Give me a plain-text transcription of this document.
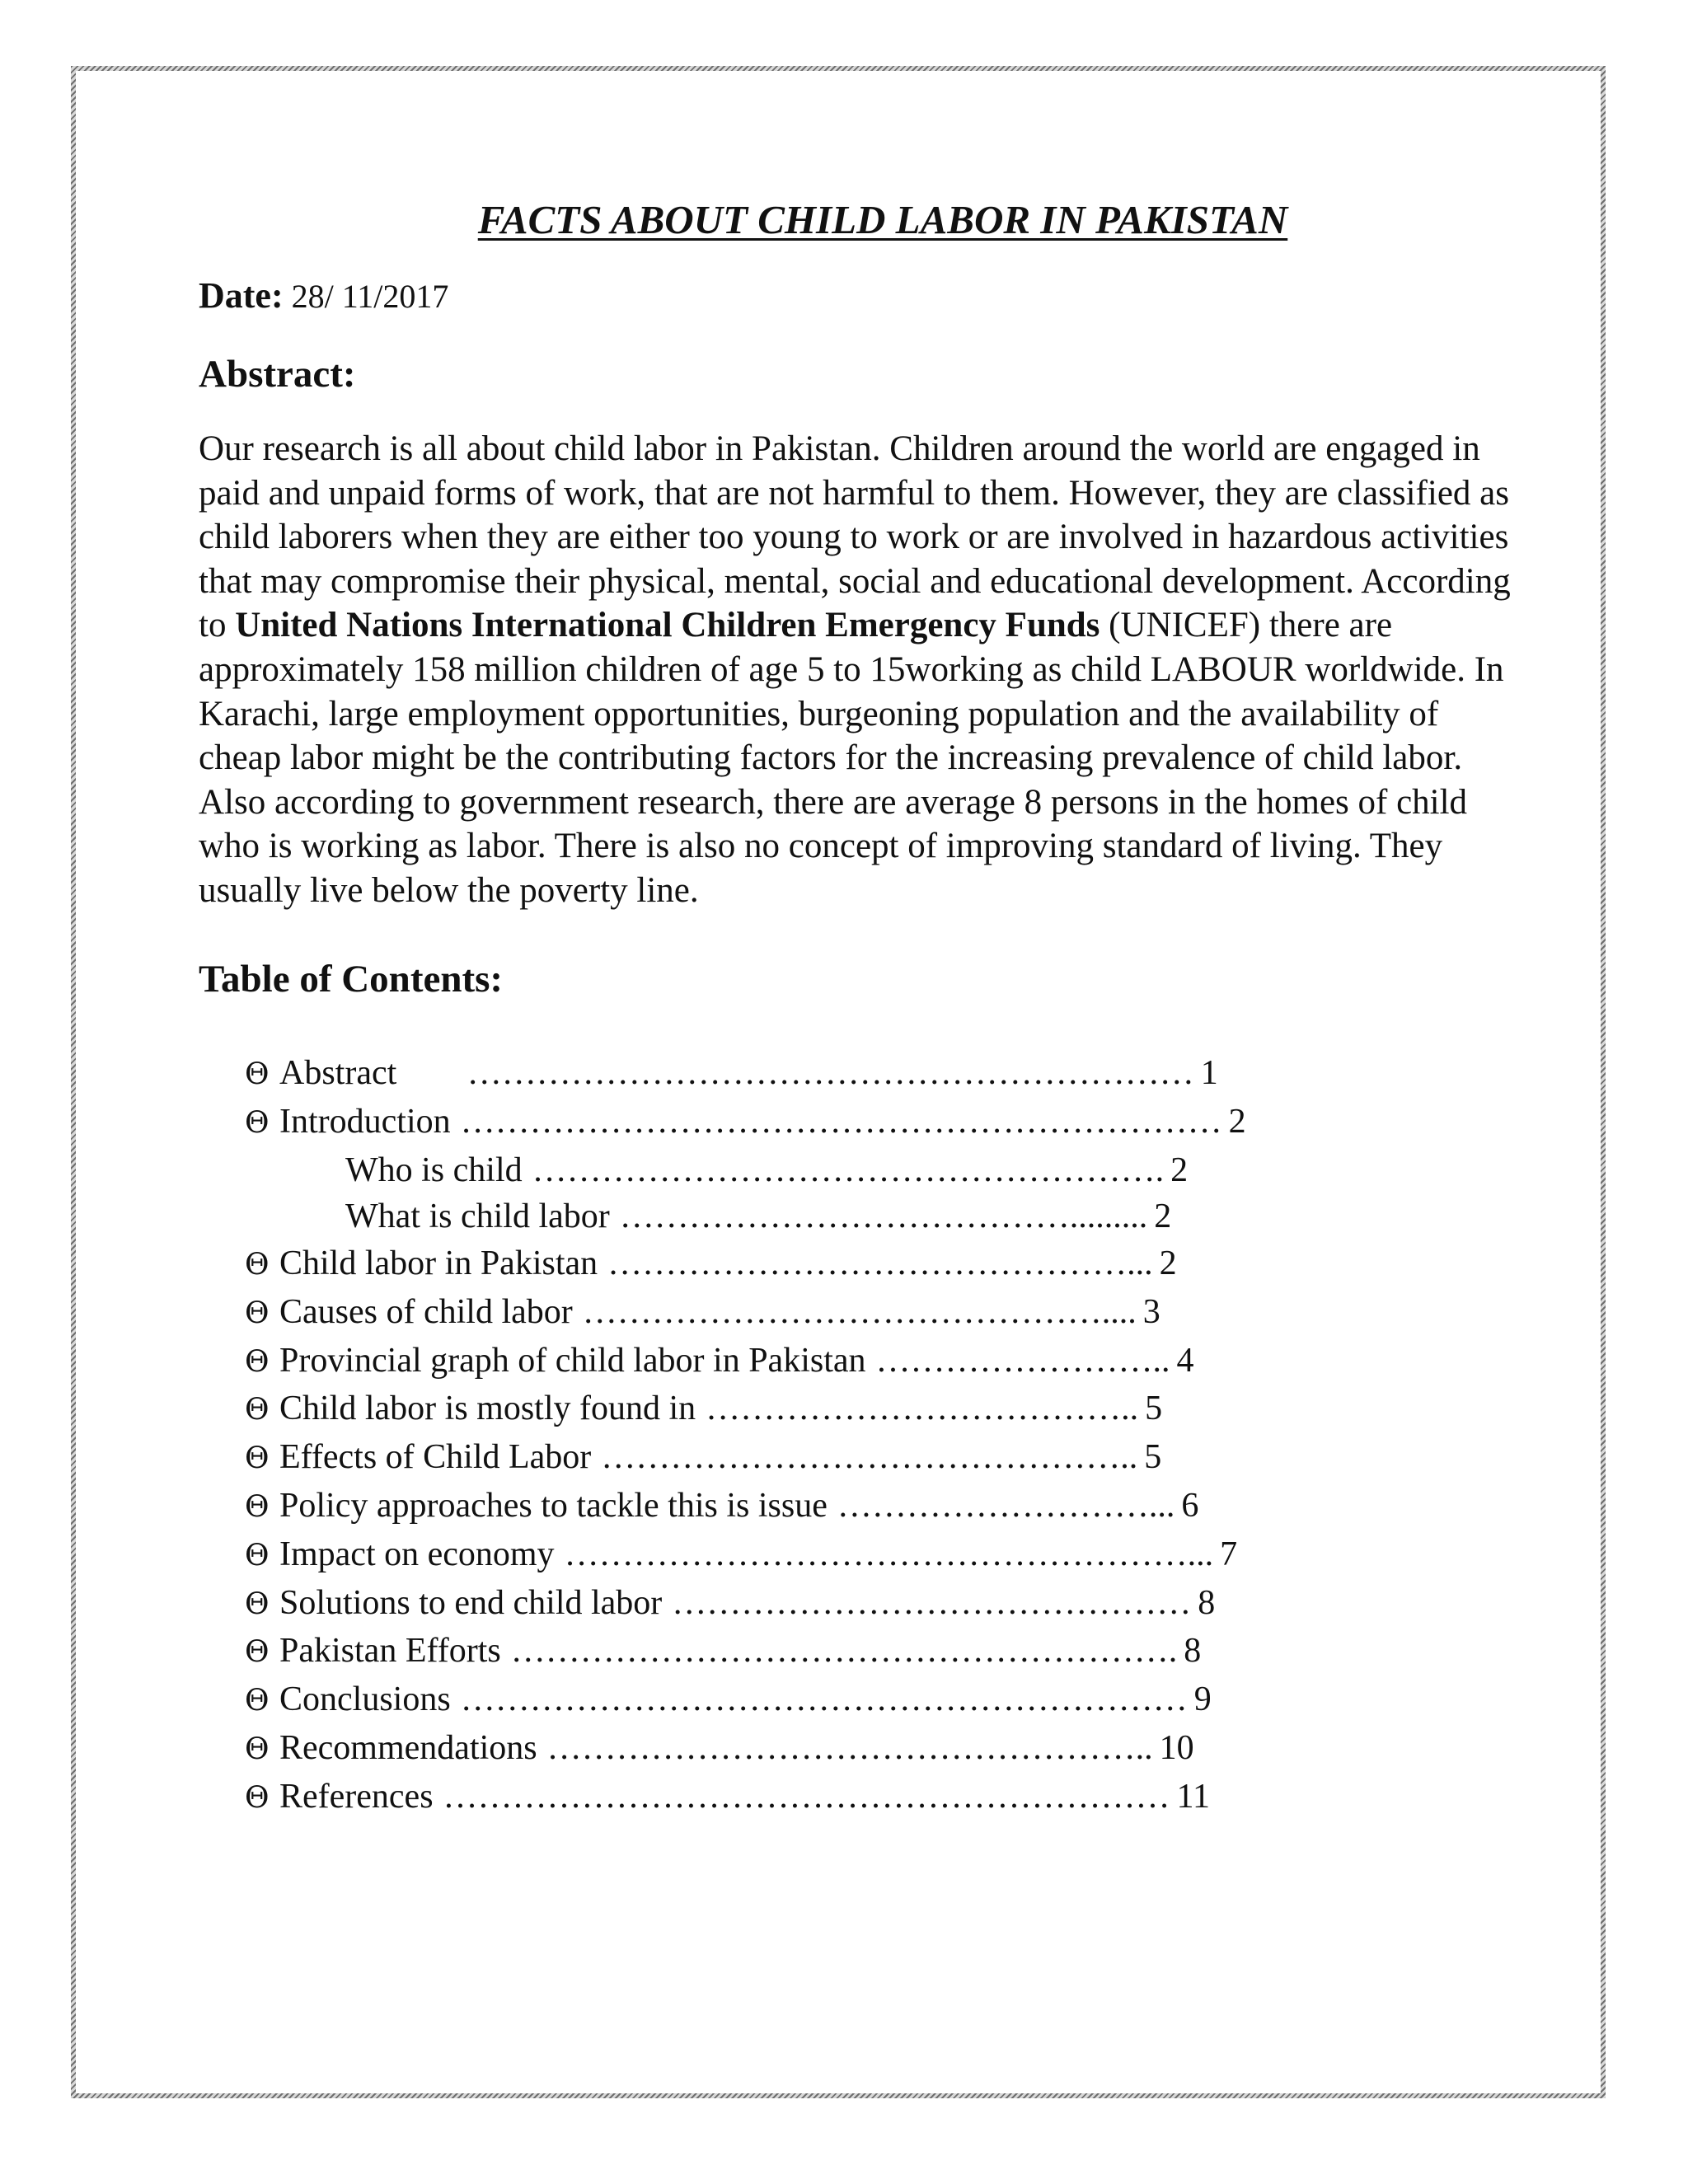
FACTS ABOUT CHILD LABOR IN PAKISTAN
Date: 28/ 11/2017
Abstract:
Our research is all about child labor in Pakistan. Children around the world are engaged in paid and unpaid forms of work, that are not harmful to them. However, they are classified as child laborers when they are either too young to work or are involved in hazardous activities that may compromise their physical, mental, social and educational development. According to United Nations International Children Emergency Funds (UNICEF) there are approximately 158 million children of age 5 to 15working as child LABOUR worldwide. In Karachi, large employment opportunities, burgeoning population and the availability of cheap labor might be the contributing factors for the increasing prevalence of child labor. Also according to government research, there are average 8 persons in the homes of child who is working as labor. There is also no concept of improving standard of living. They usually live below the poverty line.
Table of Contents:
Θ Abstract ……………………………………………………… 1
Θ Introduction ………………………………………………………… 2
Who is child ………………………………………………. 2
What is child labor …………………………………......... 2
Θ Child labor in Pakistan ………………………………………... 2
Θ Causes of child labor ……………………………………….... 3
Θ Provincial graph of child labor in Pakistan …………………….. 4
Θ Child labor is mostly found in ……………………………….. 5
Θ Effects of Child Labor ……………………………………….. 5
Θ Policy approaches to tackle this is issue ………………………... 6
Θ Impact on economy ………………………………………………... 7
Θ Solutions to end child labor ……………………………………… 8
Θ Pakistan Efforts …………………………………………………. 8
Θ Conclusions ……………………………………………………… 9
Θ Recommendations …………………………………………….. 10
Θ References ……………………………………………………… 11
